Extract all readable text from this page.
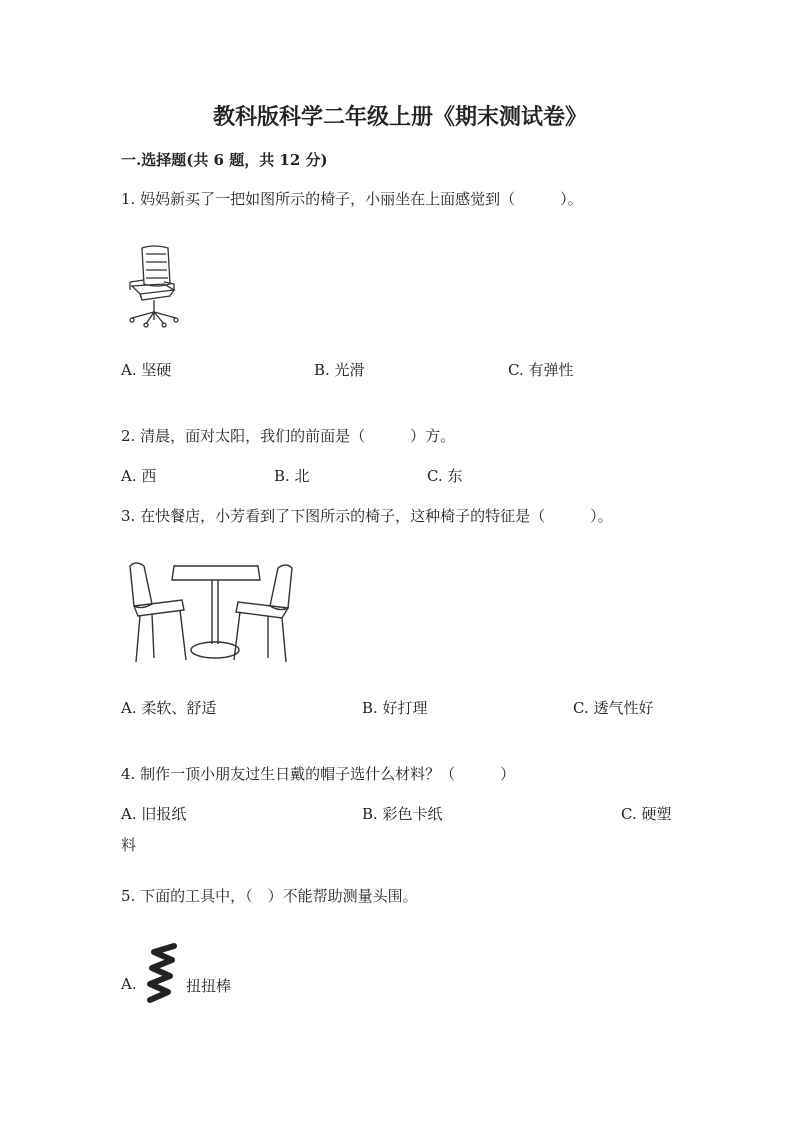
教科版科学二年级上册《期末测试卷》
一.选择题(共 6 题，共 12 分)
1. 妈妈新买了一把如图所示的椅子，小丽坐在上面感觉到（　　　）。
A. 坚硬	B. 光滑	C. 有弹性
2. 清晨，面对太阳，我们的前面是（　　　）方。
A. 西	B. 北	C. 东
3. 在快餐店，小芳看到了下图所示的椅子，这种椅子的特征是（　　　）。
A. 柔软、舒适	B. 好打理	C. 透气性好
4. 制作一顶小朋友过生日戴的帽子选什么材料？（　　　）
A. 旧报纸	B. 彩色卡纸	C. 硬塑
料
5. 下面的工具中，（　）不能帮助测量头围。
A.	扭扭棒
